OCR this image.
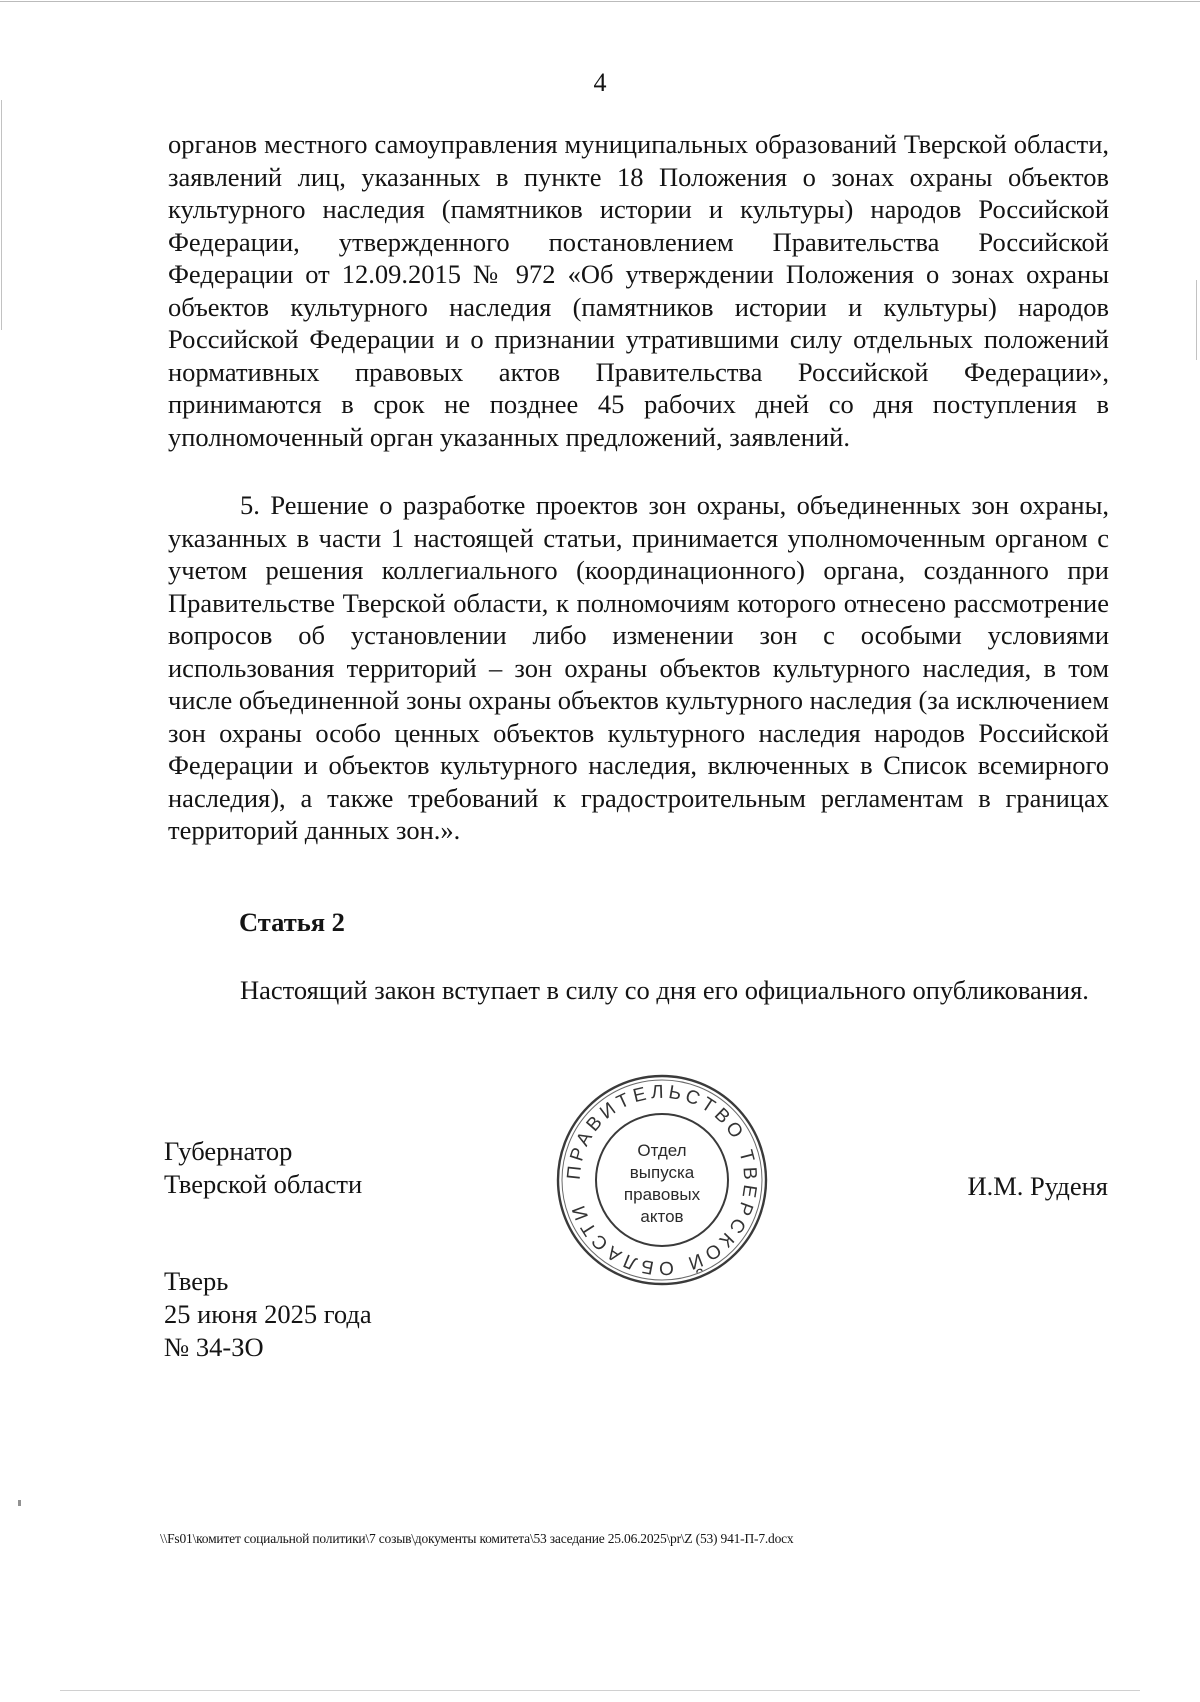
4

органов местного самоуправления муниципальных образований Тверской области, заявлений лиц, указанных в пункте 18 Положения о зонах охраны объектов культурного наследия (памятников истории и культуры) народов Российской Федерации, утвержденного постановлением Правительства Российской Федерации от 12.09.2015 № 972 «Об утверждении Положения о зонах охраны объектов культурного наследия (памятников истории и культуры) народов Российской Федерации и о признании утратившими силу отдельных положений нормативных правовых актов Правительства Российской Федерации», принимаются в срок не позднее 45 рабочих дней со дня поступления в уполномоченный орган указанных предложений, заявлений.

5. Решение о разработке проектов зон охраны, объединенных зон охраны, указанных в части 1 настоящей статьи, принимается уполномоченным органом с учетом решения коллегиального (координационного) органа, созданного при Правительстве Тверской области, к полномочиям которого отнесено рассмотрение вопросов об установлении либо изменении зон с особыми условиями использования территорий – зон охраны объектов культурного наследия, в том числе объединенной зоны охраны объектов культурного наследия (за исключением зон охраны особо ценных объектов культурного наследия народов Российской Федерации и объектов культурного наследия, включенных в Список всемирного наследия), а также требований к градостроительным регламентам в границах территорий данных зон.».

Статья 2

Настоящий закон вступает в силу со дня его официального опубликования.

Губернатор
Тверской области	И.М. Руденя
Тверь
25 июня 2025 года
№ 34-ЗО
ПРАВИТЕЛЬСТВО ТВЕРСКОЙ ОБЛАСТИ
Отдел
выпуска
правовых
актов
\\Fs01\комитет социальной политики\7 созыв\документы комитета\53 заседание 25.06.2025\pr\Z (53) 941-П-7.docx
